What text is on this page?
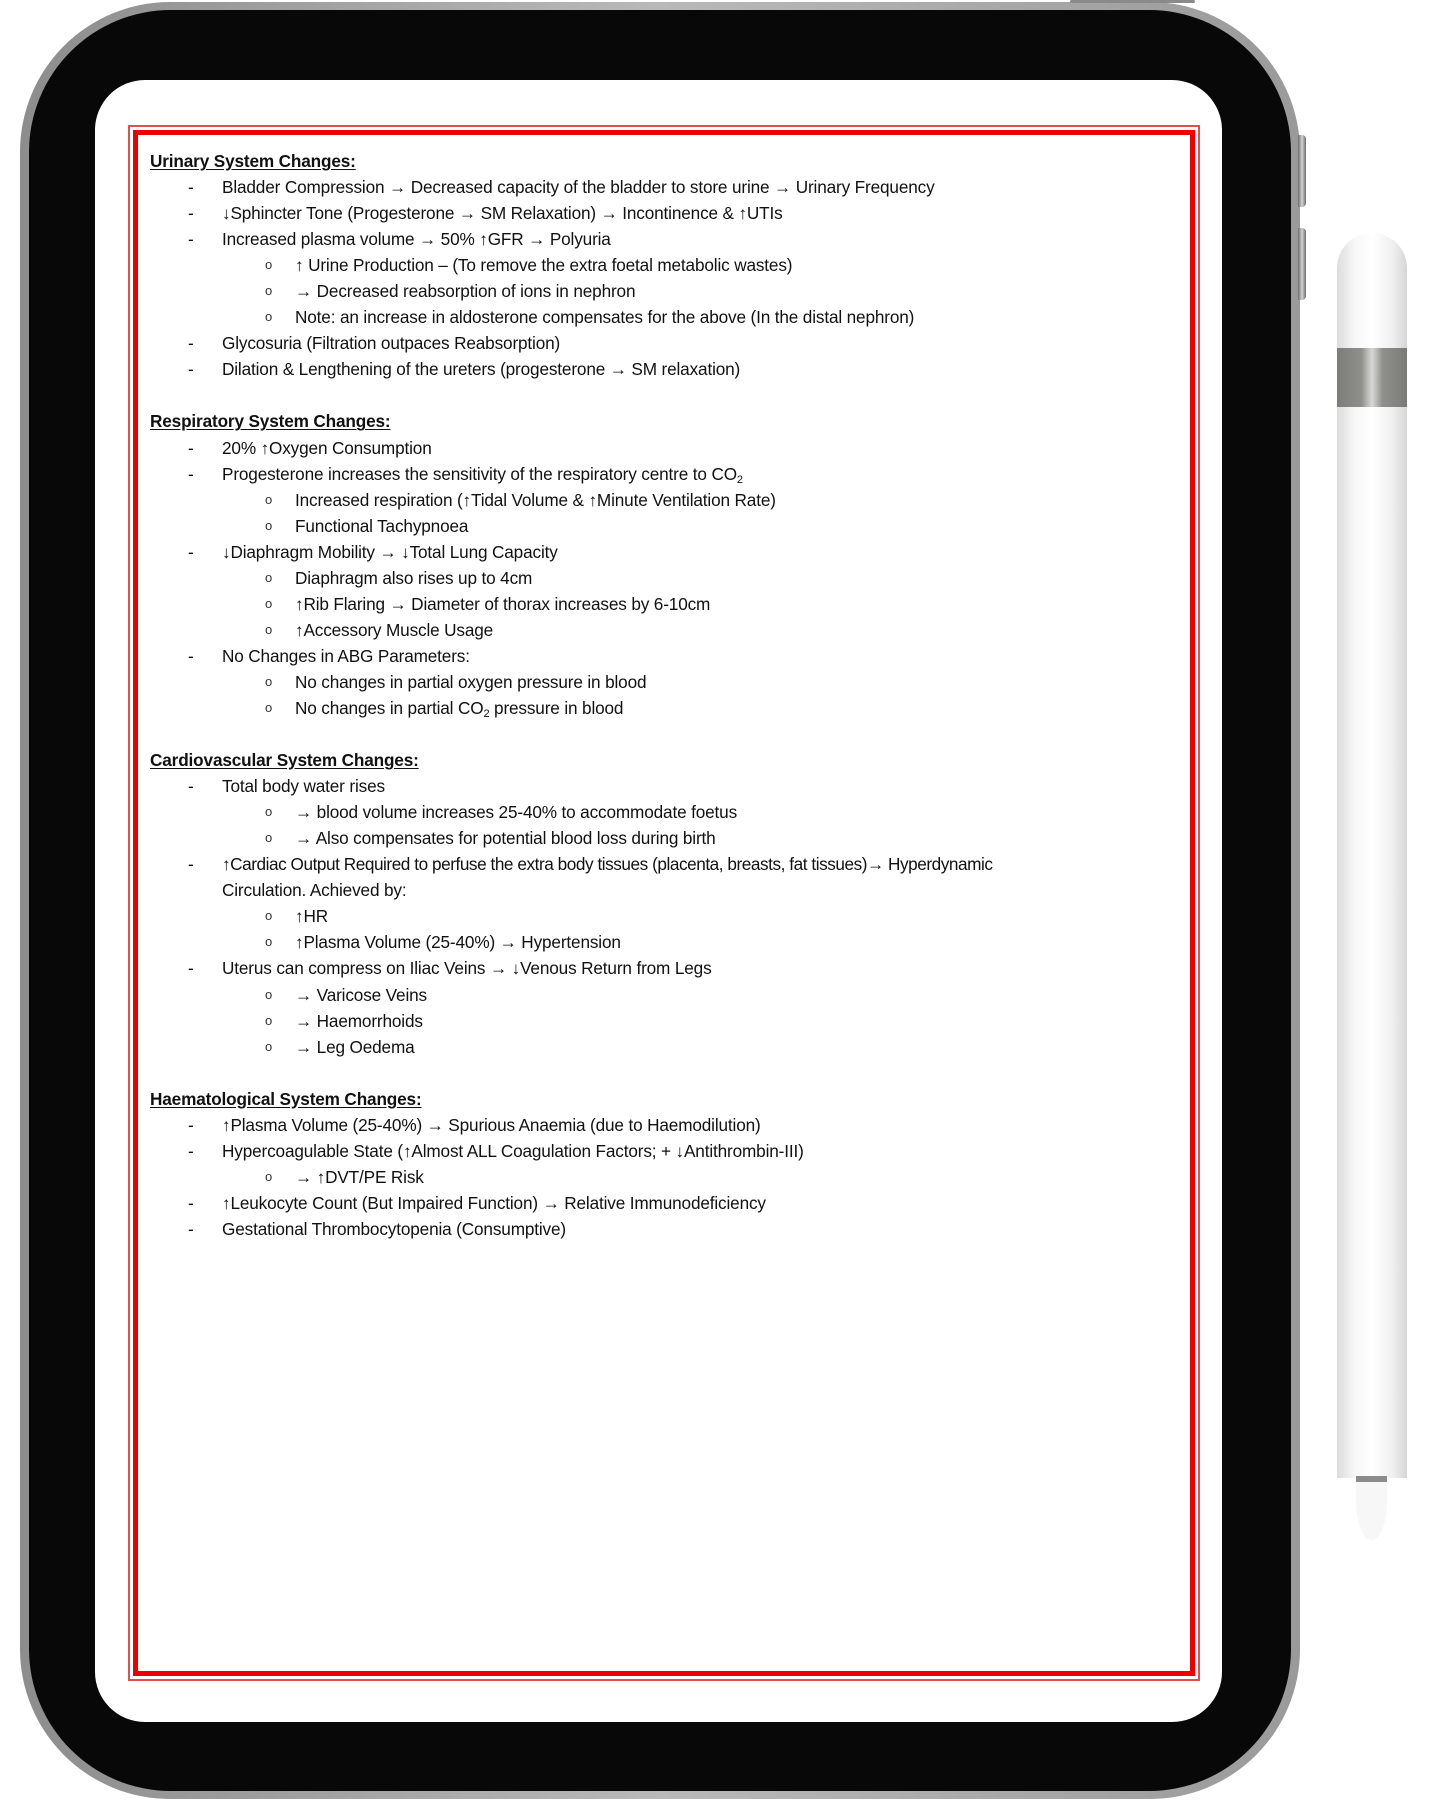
Urinary System Changes:
- Bladder Compression → Decreased capacity of the bladder to store urine → Urinary Frequency
- ↓Sphincter Tone (Progesterone → SM Relaxation) → Incontinence & ↑UTIs
- Increased plasma volume → 50% ↑GFR → Polyuria
o ↑ Urine Production – (To remove the extra foetal metabolic wastes)
o → Decreased reabsorption of ions in nephron
o Note: an increase in aldosterone compensates for the above (In the distal nephron)
- Glycosuria (Filtration outpaces Reabsorption)
- Dilation & Lengthening of the ureters (progesterone → SM relaxation)
Respiratory System Changes:
- 20% ↑Oxygen Consumption
- Progesterone increases the sensitivity of the respiratory centre to $CO_2$
o Increased respiration (↑Tidal Volume & ↑Minute Ventilation Rate)
o Functional Tachypnoea
- ↓Diaphragm Mobility → ↓Total Lung Capacity
o Diaphragm also rises up to 4cm
o ↑Rib Flaring → Diameter of thorax increases by 6-10cm
o ↑Accessory Muscle Usage
- No Changes in ABG Parameters:
o No changes in partial oxygen pressure in blood
o No changes in partial $CO_2$ pressure in blood
Cardiovascular System Changes:
- Total body water rises
o → blood volume increases 25-40% to accommodate foetus
o → Also compensates for potential blood loss during birth
- ↑Cardiac Output Required to perfuse the extra body tissues (placenta, breasts, fat tissues)→ Hyperdynamic
Circulation. Achieved by:
o ↑HR
o ↑Plasma Volume (25-40%) → Hypertension
- Uterus can compress on Iliac Veins → ↓Venous Return from Legs
o → Varicose Veins
o → Haemorrhoids
o → Leg Oedema
Haematological System Changes:
- ↑Plasma Volume (25-40%) → Spurious Anaemia (due to Haemodilution)
- Hypercoagulable State (↑Almost ALL Coagulation Factors; + ↓Antithrombin-III)
o → ↑DVT/PE Risk
- ↑Leukocyte Count (But Impaired Function) → Relative Immunodeficiency
- Gestational Thrombocytopenia (Consumptive)
